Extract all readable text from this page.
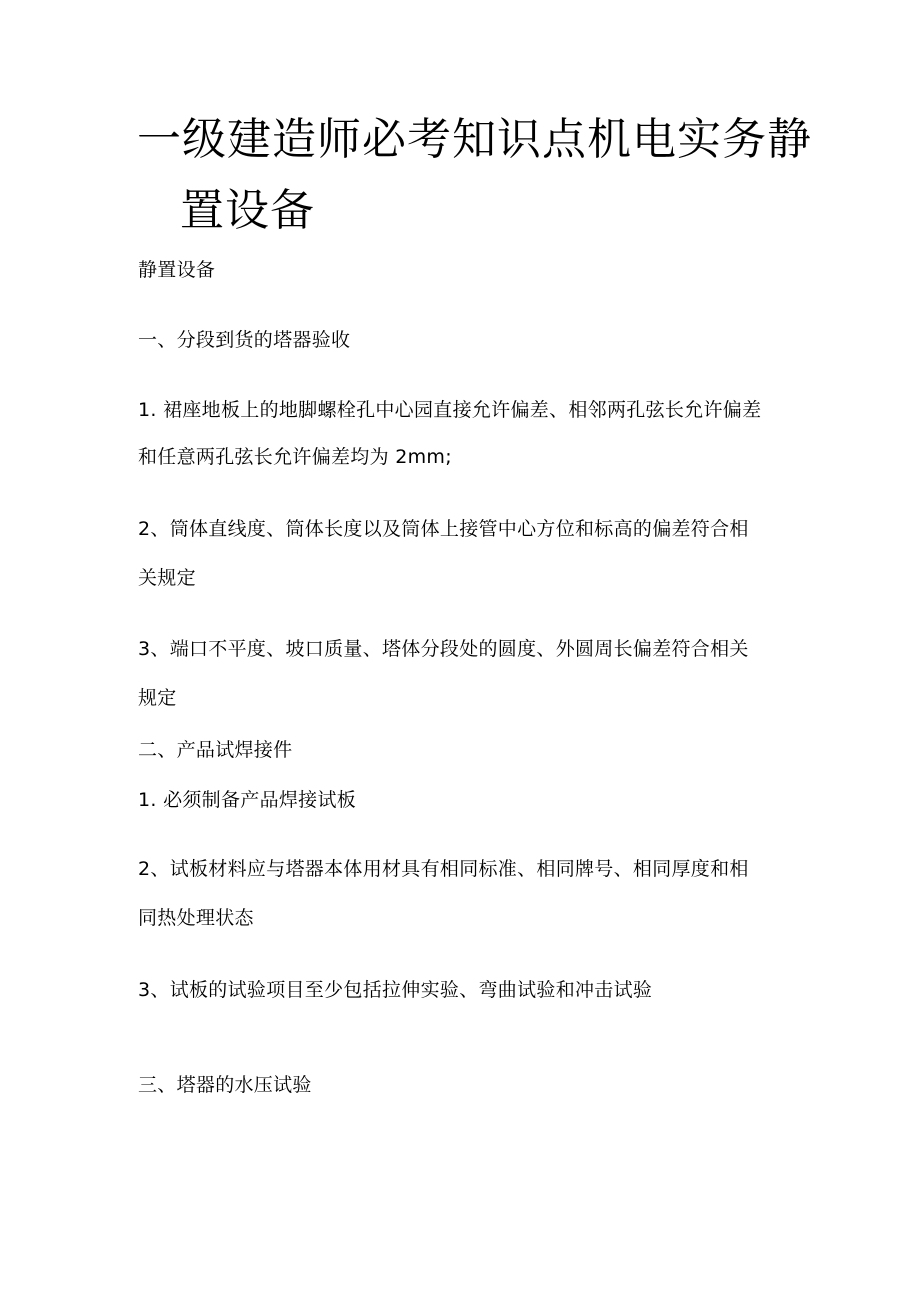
一级建造师必考知识点机电实务静
置设备
静置设备
一、分段到货的塔器验收
1. 裙座地板上的地脚螺栓孔中心园直接允许偏差、相邻两孔弦长允许偏差
和任意两孔弦长允许偏差均为 2mm;
2、筒体直线度、筒体长度以及筒体上接管中心方位和标高的偏差符合相
关规定
3、端口不平度、坡口质量、塔体分段处的圆度、外圆周长偏差符合相关
规定
二、产品试焊接件
1. 必须制备产品焊接试板
2、试板材料应与塔器本体用材具有相同标准、相同牌号、相同厚度和相
同热处理状态
3、试板的试验项目至少包括拉伸实验、弯曲试验和冲击试验
三、塔器的水压试验
